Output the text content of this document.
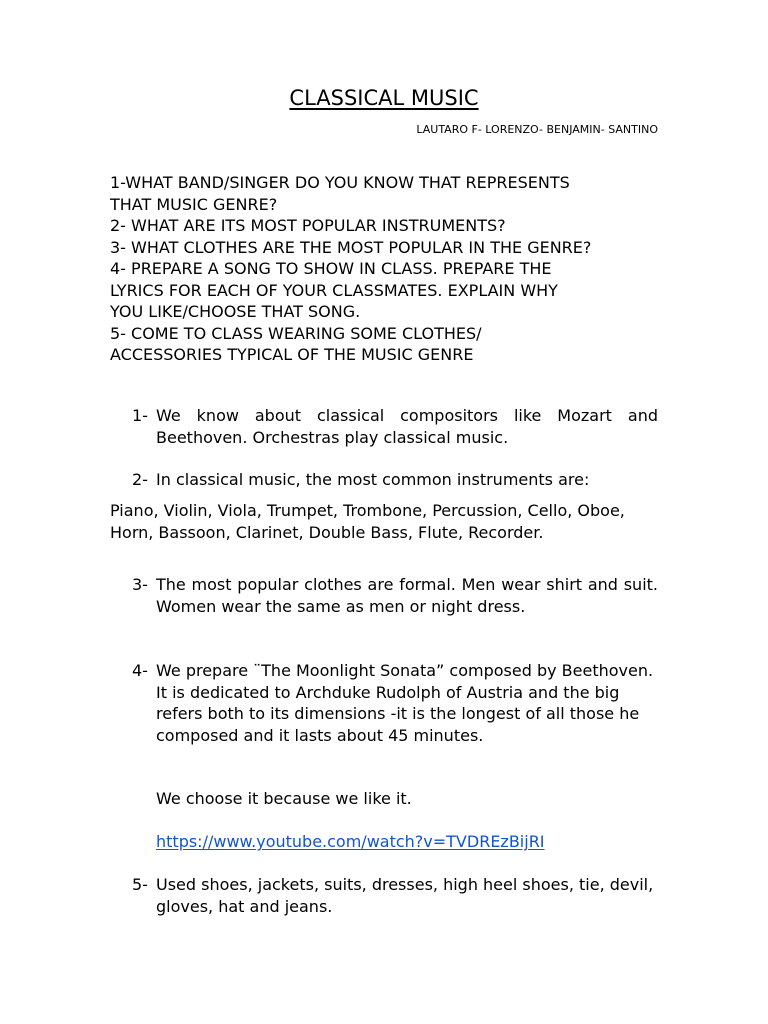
CLASSICAL MUSIC
LAUTARO F- LORENZO- BENJAMIN- SANTINO
1-WHAT BAND/SINGER DO YOU KNOW THAT REPRESENTS
THAT MUSIC GENRE?
2- WHAT ARE ITS MOST POPULAR INSTRUMENTS?
3- WHAT CLOTHES ARE THE MOST POPULAR IN THE GENRE?
4- PREPARE A SONG TO SHOW IN CLASS. PREPARE THE
LYRICS FOR EACH OF YOUR CLASSMATES. EXPLAIN WHY
YOU LIKE/CHOOSE THAT SONG.
5- COME TO CLASS WEARING SOME CLOTHES/
ACCESSORIES TYPICAL OF THE MUSIC GENRE
1- We know about classical compositors like Mozart and Beethoven. Orchestras play classical music.
2- In classical music, the most common instruments are:
Piano, Violin, Viola, Trumpet, Trombone, Percussion, Cello, Oboe, Horn, Bassoon, Clarinet, Double Bass, Flute, Recorder.
3- The most popular clothes are formal. Men wear shirt and suit. Women wear the same as men or night dress.
4- We prepare ¨The Moonlight Sonata” composed by Beethoven. It is dedicated to Archduke Rudolph of Austria and the big refers both to its dimensions -it is the longest of all those he composed and it lasts about 45 minutes.
We choose it because we like it.
https://www.youtube.com/watch?v=TVDREzBijRI
5- Used shoes, jackets, suits, dresses, high heel shoes, tie, devil, gloves, hat and jeans.
